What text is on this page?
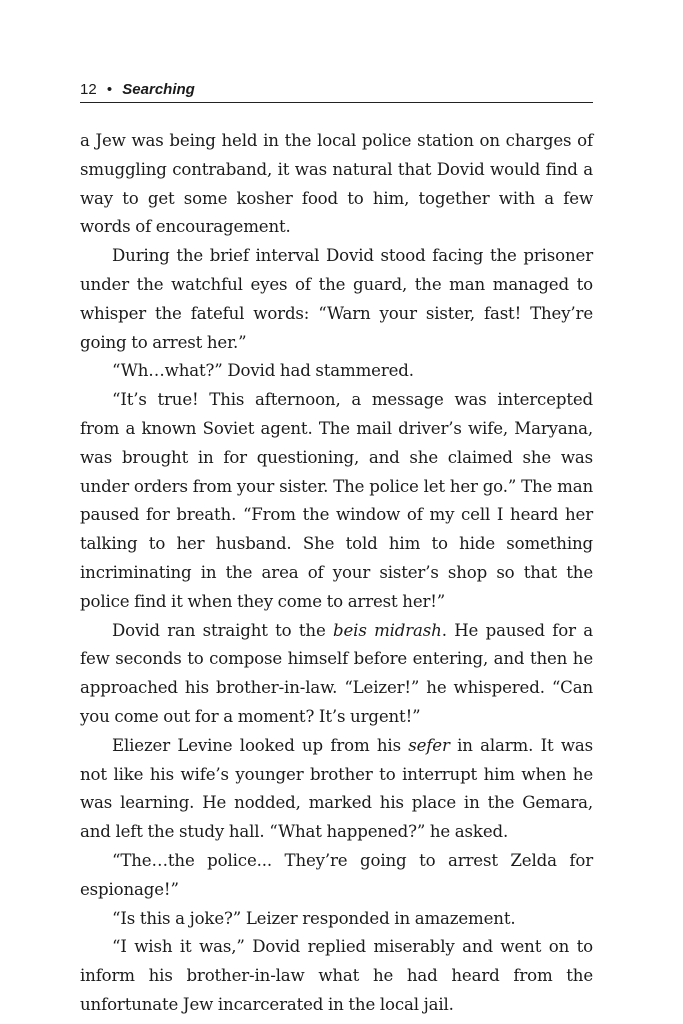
12 • Searching

a Jew was being held in the local police station on charges of smuggling contraband, it was natural that Dovid would find a way to get some kosher food to him, together with a few words of encouragement.

During the brief interval Dovid stood facing the prisoner under the watchful eyes of the guard, the man managed to whisper the fateful words: “Warn your sister, fast! They’re going to arrest her.”

“Wh…what?” Dovid had stammered.

“It’s true! This afternoon, a message was intercepted from a known Soviet agent. The mail driver’s wife, Maryana, was brought in for questioning, and she claimed she was under orders from your sister. The police let her go.” The man paused for breath. “From the window of my cell I heard her talking to her husband. She told him to hide something incriminating in the area of your sister’s shop so that the police find it when they come to arrest her!”

Dovid ran straight to the beis midrash. He paused for a few seconds to compose himself before entering, and then he approached his brother-in-law. “Leizer!” he whispered. “Can you come out for a moment? It’s urgent!”

Eliezer Levine looked up from his sefer in alarm. It was not like his wife’s younger brother to interrupt him when he was learning. He nodded, marked his place in the Gemara, and left the study hall. “What happened?” he asked.

“The…the police... They’re going to arrest Zelda for espionage!”

“Is this a joke?” Leizer responded in amazement.

“I wish it was,” Dovid replied miserably and went on to inform his brother-in-law what he had heard from the unfortunate Jew incarcerated in the local jail.
